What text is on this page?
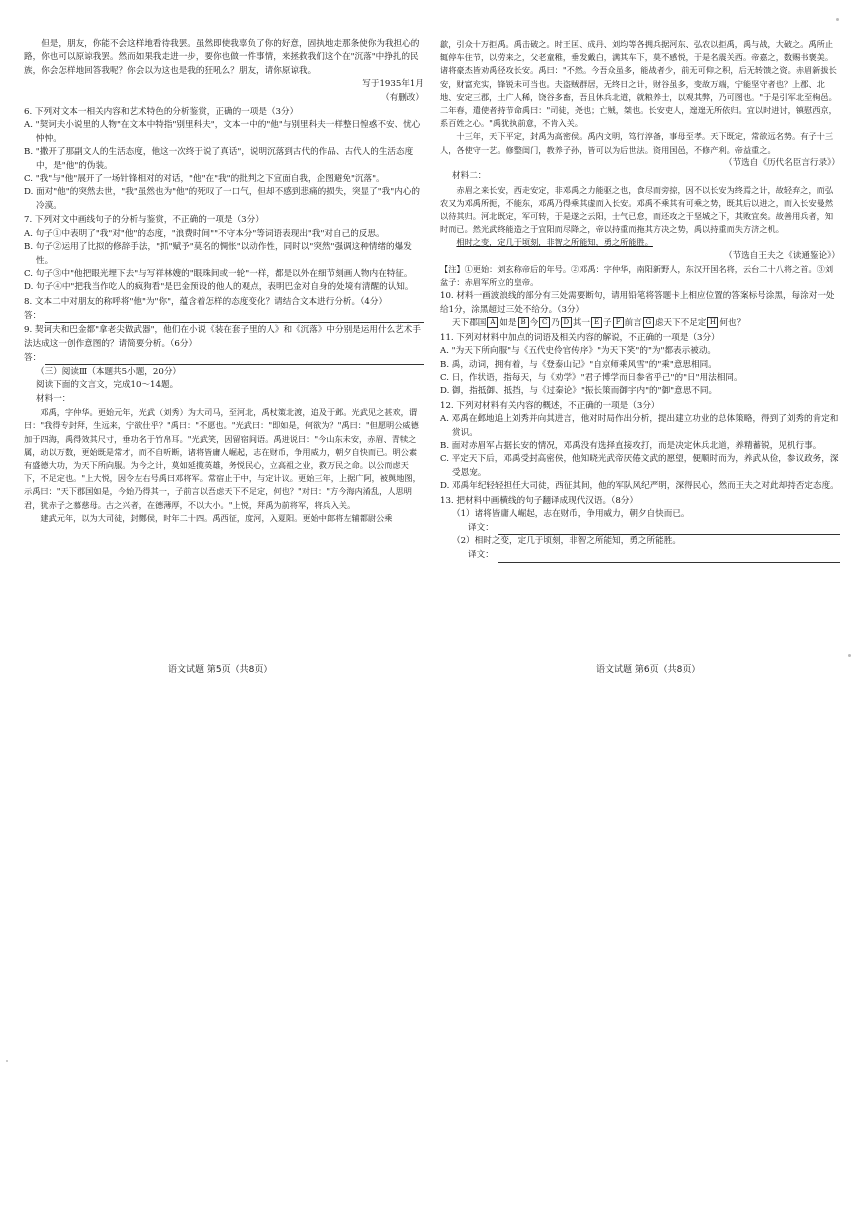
但是，朋友，你能不会这样地看待我罢。虽然即使我辜负了你的好意，固执地走那条使你为我担心的路，你也可以原谅我罢。然而如果我走进一步，要你也做一件事情，来拯救我们这个在"沉落"中挣扎的民族，你会怎样地回答我呢？你会以为这也是我的狂吼么？朋友，请你原谅我。

写于1935年1月

（有删改）

6. 下列对文本一相关内容和艺术特色的分析鉴赏，正确的一项是（3分）

A. "契诃夫小说里的人物"在文本中特指"别里科夫"，文本一中的"他"与别里科夫一样整日惶惑不安、忧心忡忡。

B. "撒开了那副文人的生活态度，他这一次终于说了真话"，说明沉落到古代的作品、古代人的生活态度中，是"他"的伪装。

C. "我"与"他"展开了一场针锋相对的对话，"他"在"我"的批判之下宣面自我，企图避免"沉落"。

D. 面对"他"的突然去世，"我"虽然也为"他"的死叹了一口气，但却不感到悲痛的损失，突显了"我"内心的冷漠。

7. 下列对文中画线句子的分析与鉴赏，不正确的一项是（3分）

A. 句子①中表明了"我"对"他"的态度，"浪费时间""不守本分"等词语表现出"我"对自己的反思。

B. 句子②运用了比拟的修辞手法，"抓"赋予"莫名的惆怅"以动作性，同时以"突然"强调这种情绪的爆发性。

C. 句子③中"他把眼光埋下去"与写祥林嫂的"眼珠间或一轮"一样，都是以外在细节刻画人物内在特征。

D. 句子④中"把我当作吃人的疯狗看"是巴金预设的他人的观点，表明巴金对自身的处境有清醒的认知。

8. 文本二中对朋友的称呼将"他"为"你"，蕴含着怎样的态度变化？请结合文本进行分析。（4分）

答：

9. 契诃夫和巴金都"拿老尖做武器"，他们在小说《装在套子里的人》和《沉落》中分别是运用什么艺术手法达成这一创作意图的？请简要分析。（6分）

答：

（三）阅读Ⅲ（本题共5小题，20分）

阅读下面的文言文，完成10～14题。

材料一：

邓禹，字仲华。更始元年，光武（刘秀）为大司马，至河北，禹杖策北渡，追及于邺。光武见之甚欢，谓曰："我得专封拜，生远来，宁欲仕乎？"禹曰："不愿也。"光武曰："即如是，何欲为？"禹曰："但愿明公威德加于四海，禹得效其尺寸，垂功名于竹帛耳。"光武笑，因留宿间语。禹进说曰："今山东未安，赤眉、青犊之属，动以万数，更始既是常才，而不自听断，诸将皆庸人崛起，志在财币，争用威力，朝夕自快而已。明公素有盛德大功，为天下所向服。为今之计，莫如延揽英雄，务悦民心，立高祖之业，救万民之命。以公而虑天下，不足定也。"上大悦，因令左右号禹曰邓将军。常宿止于中，与定计议。更始三年，上据广阿，被舆地图，示禹曰："天下郡国如是，今始乃得其一，子前言以吾虑天下不足定，何也？"对曰："方今海内淆乱，人思明君，犹赤子之慕慈母。古之兴者，在德薄厚，不以大小。"上悦，拜禹为前将军，将兵入关。

建武元年，以为大司徒，封酂侯，时年二十四。禹西征，度河，入夏阳。更始中郎将左辅都尉公乘

歙，引众十万拒禹。禹击破之。时王匡、成丹、刘均等各拥兵据河东、弘农以拒禹，禹与战，大破之。禹所止辄停车住节，以劳来之，父老童稚，垂发戴白，满其车下，莫不感悦，于是名震关西。帝嘉之，数赐书褒美。诸将豪杰皆劝禹径攻长安。禹曰："不然。今吾众虽多，能战者少，前无可仰之积，后无转馈之资。赤眉新拔长安，财富充实，锋锐未可当也。夫盗贼群居，无终日之计，财谷虽多，变故万端，宁能坚守者也？上郡、北地、安定三郡，土广人稀，饶谷多畜，吾且休兵北道，就粮养士，以观其弊，乃可图也。"于是引军北至栒邑。二年春，遣使者持节命禹曰："司徒，尧也；亡贼，桀也。长安吏人，遑遑无所依归。宜以时进讨，镇慰西京，系百姓之心。"禹犹执前意，不肯入关。

十三年，天下平定，封禹为高密侯。禹内文明，笃行淳备，事母至孝。天下既定，常欲远名势。有子十三人，各使守一艺。修整闺门，教养子孙，皆可以为后世法。资用国邑，不修产利。帝益重之。

（节选自《历代名臣言行录》）

材料二：

赤眉之来长安，西走安定，非邓禹之力能驱之也，食尽而旁掠，因不以长安为终焉之计，故轻弃之，而弘农又为邓禹所扼，不能东，邓禹乃得乘其虚而入长安。邓禹不乘其有可乘之势，既其后以进之，而入长安曼然以待其归。河北既定，军可转，于是遂之云阳，士气已怠，而还攻之于坚城之下，其败宜矣。故善用兵者，知时而已。然光武终能造之于宜阳而尽降之，帝以持重而拖其方决之势，禹以持重而失方济之机。

相时之变，定几于顷刻，非智之所能知，勇之所能胜。

（节选自王夫之《读通鉴论》）

【注】①更始：刘玄称帝后的年号。②邓禹：字仲华，南阳新野人，东汉开国名将，云台二十八将之首。③刘盆子：赤眉军所立的皇帝。

10. 材料一画波浪线的部分有三处需要断句，请用铅笔将答题卡上相应位置的答案标号涂黑，每涂对一处给1分，涂黑超过三处不给分。（3分）

天下郡国 A 如是 B 今 C 乃 D 其一 E 子 F 前言 G 虑天下不足定 H 何也？

11. 下列对材料中加点的词语及相关内容的解说，不正确的一项是（3分）

A. "为天下所向服"与《五代史伶官传序》"为天下笑"的"为"都表示被动。

B. 禹，动词，拥有着，与《登泰山记》"自京师乘风雪"的"乘"意思相同。

C. 日，作状语，指每天，与《劝学》"君子博学而日参省乎己"的"日"用法相同。

D. 御，指抵御、抵挡，与《过秦论》"振长策而御宇内"的"御"意思不同。

12. 下列对材料有关内容的概述，不正确的一项是（3分）

A. 邓禹在邺地追上刘秀并向其进言，他对时局作出分析，提出建立功业的总体策略，得到了刘秀的肯定和赏识。

B. 面对赤眉军占据长安的情况，邓禹没有选择直接攻打，而是决定休兵北道，养精蓄锐，见机行事。

C. 平定天下后，邓禹受封高密侯，他知晓光武帝厌倦文武的愿望，便顺时而为，养武从俭，参议政务，深受恩宠。

D. 邓禹年纪轻轻担任大司徒，西征其间，他的军队风纪严明，深得民心，然而王夫之对此却持否定态度。

13. 把材料中画横线的句子翻译成现代汉语。（8分）

（1）诸将皆庸人崛起，志在财币，争用威力，朝夕自快而已。

译文：

（2）相时之变，定几于顷刻，非智之所能知，勇之所能胜。

译文：
语文试题 第5页（共8页）	语文试题 第6页（共8页）
